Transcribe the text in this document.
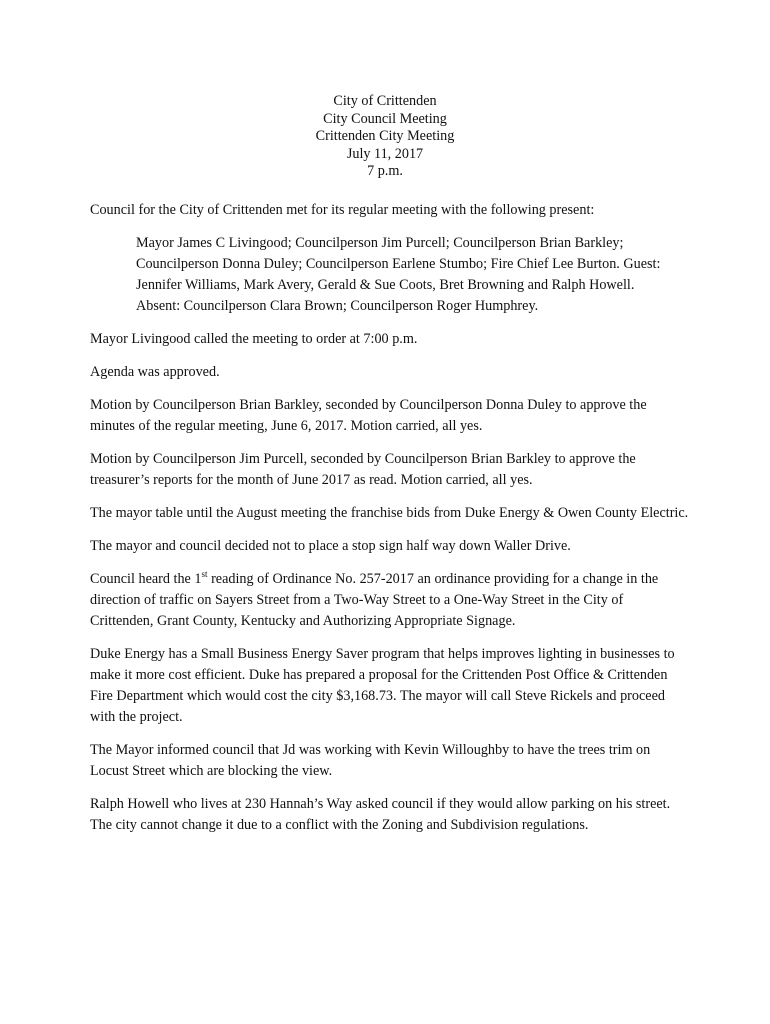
City of Crittenden
City Council Meeting
Crittenden City Meeting
July 11, 2017
7 p.m.

Council for the City of Crittenden met for its regular meeting with the following present:

Mayor James C Livingood; Councilperson Jim Purcell; Councilperson Brian Barkley; Councilperson Donna Duley; Councilperson Earlene Stumbo; Fire Chief Lee Burton. Guest: Jennifer Williams, Mark Avery, Gerald & Sue Coots, Bret Browning and Ralph Howell. Absent: Councilperson Clara Brown; Councilperson Roger Humphrey.

Mayor Livingood called the meeting to order at 7:00 p.m.

Agenda was approved.

Motion by Councilperson Brian Barkley, seconded by Councilperson Donna Duley to approve the minutes of the regular meeting, June 6, 2017. Motion carried, all yes.

Motion by Councilperson Jim Purcell, seconded by Councilperson Brian Barkley to approve the treasurer’s reports for the month of June 2017 as read. Motion carried, all yes.

The mayor table until the August meeting the franchise bids from Duke Energy & Owen County Electric.

The mayor and council decided not to place a stop sign half way down Waller Drive.

Council heard the 1st reading of Ordinance No. 257-2017 an ordinance providing for a change in the direction of traffic on Sayers Street from a Two-Way Street to a One-Way Street in the City of Crittenden, Grant County, Kentucky and Authorizing Appropriate Signage.

Duke Energy has a Small Business Energy Saver program that helps improves lighting in businesses to make it more cost efficient. Duke has prepared a proposal for the Crittenden Post Office & Crittenden Fire Department which would cost the city $3,168.73. The mayor will call Steve Rickels and proceed with the project.

The Mayor informed council that Jd was working with Kevin Willoughby to have the trees trim on Locust Street which are blocking the view.

Ralph Howell who lives at 230 Hannah’s Way asked council if they would allow parking on his street. The city cannot change it due to a conflict with the Zoning and Subdivision regulations.
